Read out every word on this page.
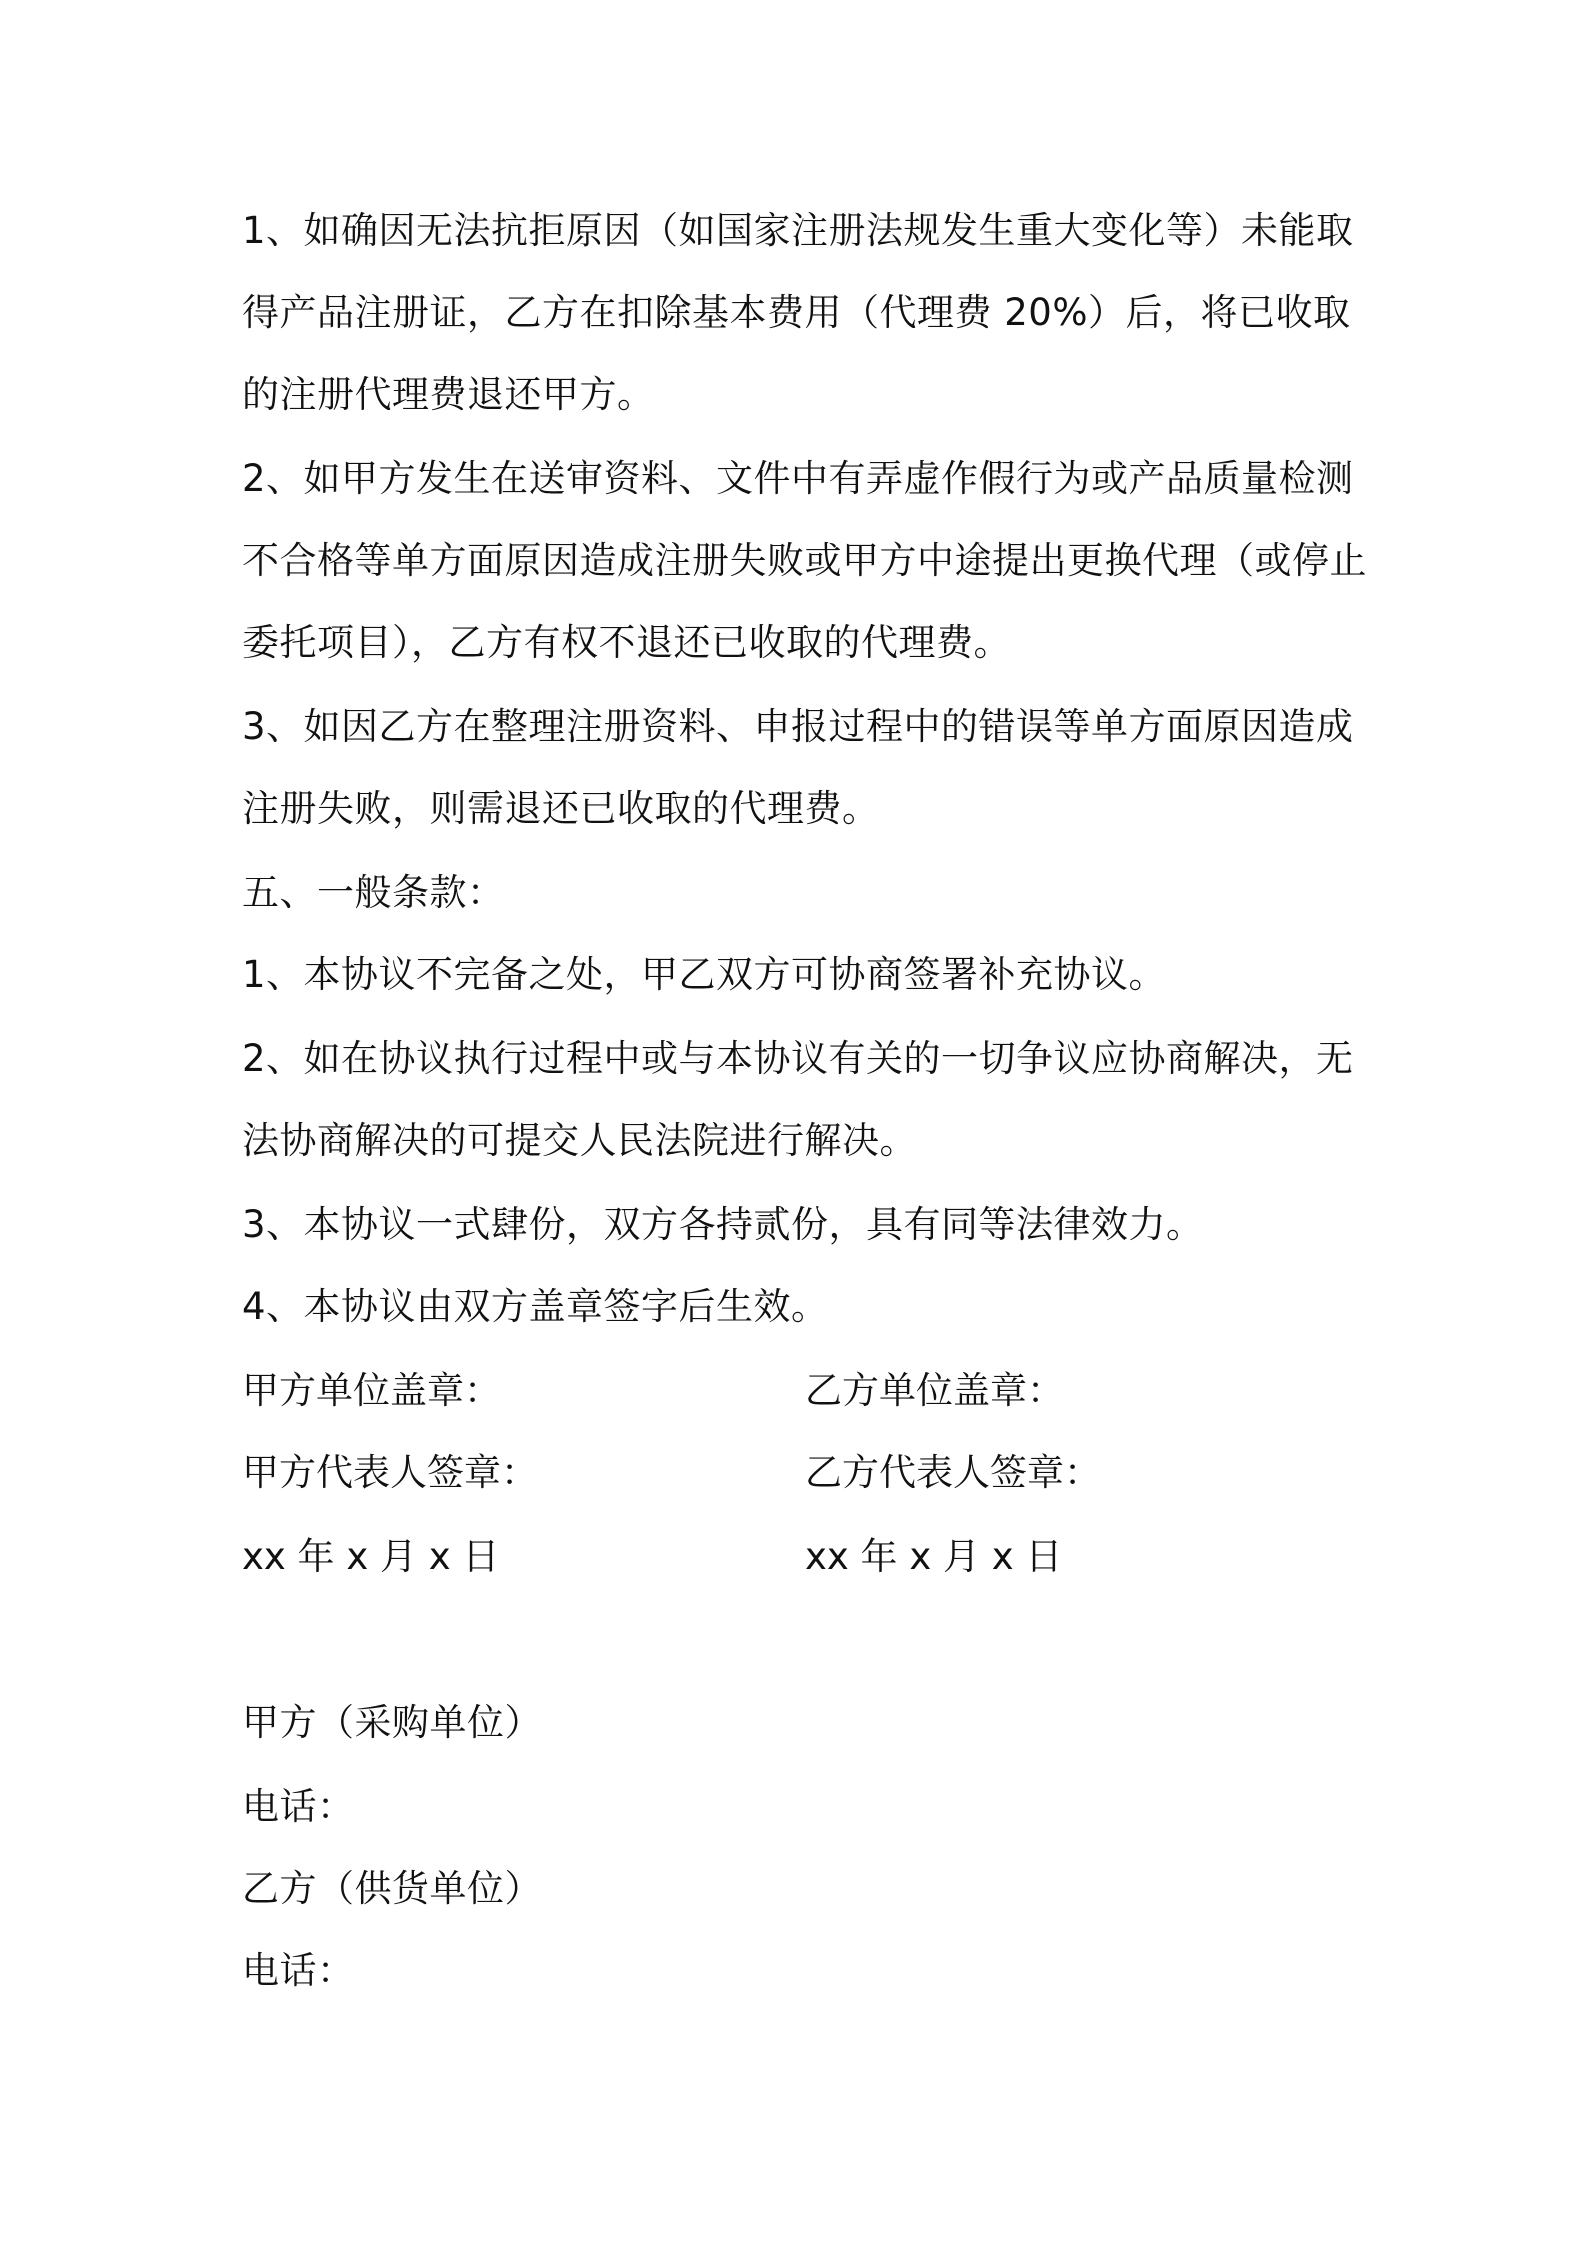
1、如确因无法抗拒原因（如国家注册法规发生重大变化等）未能取
得产品注册证，乙方在扣除基本费用（代理费 20%）后，将已收取
的注册代理费退还甲方。
2、如甲方发生在送审资料、文件中有弄虚作假行为或产品质量检测
不合格等单方面原因造成注册失败或甲方中途提出更换代理（或停止
委托项目），乙方有权不退还已收取的代理费。
3、如因乙方在整理注册资料、申报过程中的错误等单方面原因造成
注册失败，则需退还已收取的代理费。
五、一般条款：
1、本协议不完备之处，甲乙双方可协商签署补充协议。
2、如在协议执行过程中或与本协议有关的一切争议应协商解决，无
法协商解决的可提交人民法院进行解决。
3、本协议一式肆份，双方各持贰份，具有同等法律效力。
4、本协议由双方盖章签字后生效。
甲方单位盖章：	乙方单位盖章：
甲方代表人签章：	乙方代表人签章：
xx 年 x 月 x 日	xx 年 x 月 x 日
甲方（采购单位）
电话：
乙方（供货单位）
电话：
